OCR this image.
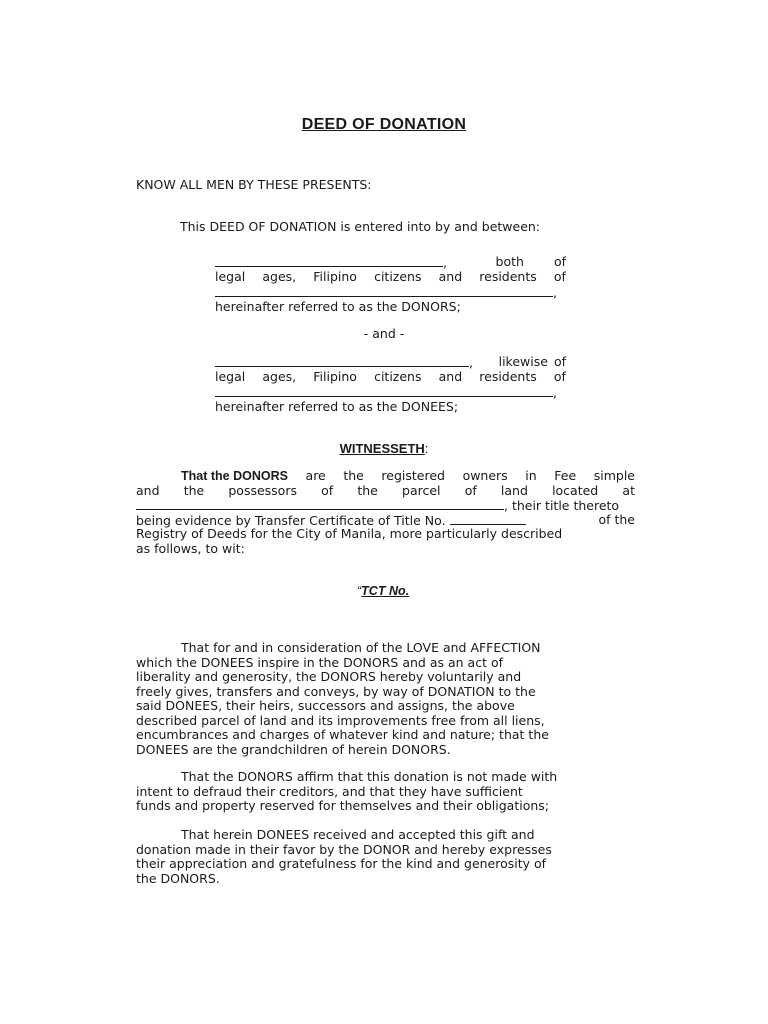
DEED OF DONATION
KNOW ALL MEN BY THESE PRESENTS:
This DEED OF DONATION is entered into by and between:
,	both of
legal ages, Filipino citizens and residents of
,
hereinafter referred to as the DONORS;
- and -
, likewise of
legal ages, Filipino citizens and residents of
,
hereinafter referred to as the DONEES;
WITNESSETH:
That the DONORS are the registered owners in Fee simple
and the possessors of the parcel of land located at
, their title thereto
being evidence by Transfer Certificate of Title No.	of the
Registry of Deeds for the City of Manila, more particularly described
as follows, to wit:
“TCT No.
That for and in consideration of the LOVE and AFFECTION
which the DONEES inspire in the DONORS and as an act of
liberality and generosity, the DONORS hereby voluntarily and
freely gives, transfers and conveys, by way of DONATION to the
said DONEES, their heirs, successors and assigns, the above
described parcel of land and its improvements free from all liens,
encumbrances and charges of whatever kind and nature; that the
DONEES are the grandchildren of herein DONORS.
That the DONORS affirm that this donation is not made with
intent to defraud their creditors, and that they have sufficient
funds and property reserved for themselves and their obligations;
That herein DONEES received and accepted this gift and
donation made in their favor by the DONOR and hereby expresses
their appreciation and gratefulness for the kind and generosity of
the DONORS.
